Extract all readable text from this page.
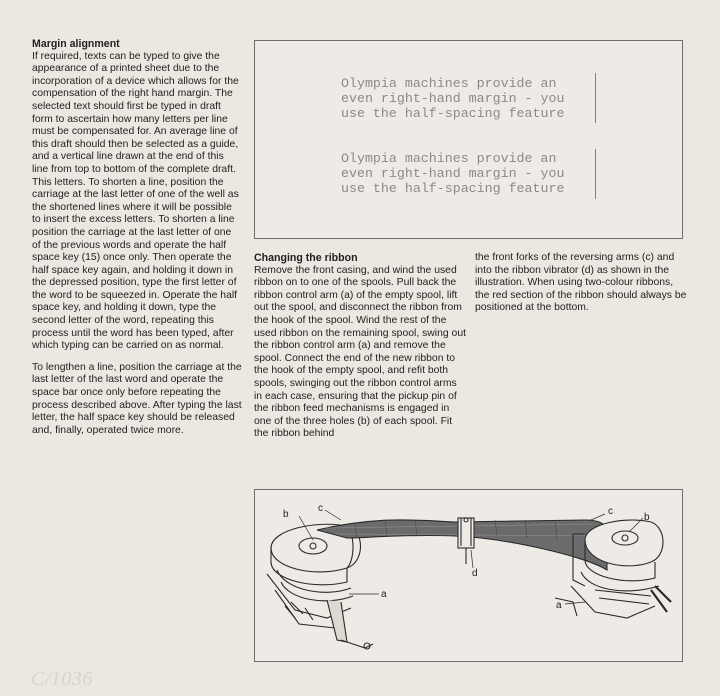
Margin alignment

If required, texts can be typed to give the appearance of a printed sheet due to the incorporation of a device which allows for the compensation of the right hand margin. The selected text should first be typed in draft form to ascertain how many letters per line must be compensated for. An average line of this draft should then be selected as a guide, and a vertical line drawn at the end of this line from top to bottom of the complete draft. This letters. To shorten a line, position the carriage at the last letter of one of the well as the shortened lines where it will be possible to insert the excess letters. To shorten a line position the carriage at the last letter of one of the previous words and operate the half space key (15) once only. Then operate the half space key again, and holding it down in the depressed position, type the first letter of the word to be squeezed in. Operate the half space key, and holding it down, type the second letter of the word, repeating this process until the word has been typed, after which typing can be carried on as normal.

To lengthen a line, position the carriage at the last letter of the last word and operate the space bar once only before repeating the process described above. After typing the last letter, the half space key should be released and, finally, operated twice more.

Olympia machines provide an
even right-hand margin - you
use the half-spacing feature
Olympia machines provide an
even right-hand margin - you
use the half-spacing feature
Changing the ribbon

Remove the front casing, and wind the used ribbon on to one of the spools. Pull back the ribbon control arm (a) of the empty spool, lift out the spool, and disconnect the ribbon from the hook of the spool. Wind the rest of the used ribbon on the remaining spool, swing out the ribbon control arm (a) and remove the spool. Connect the end of the new ribbon to the hook of the empty spool, and refit both spools, swinging out the ribbon control arms in each case, ensuring that the pickup pin of the ribbon feed mechanisms is engaged in one of the three holes (b) of each spool. Fit the ribbon behind

the front forks of the reversing arms (c) and into the ribbon vibrator (d) as shown in the illustration. When using two-colour ribbons, the red section of the ribbon should always be positioned at the bottom.

b
c
a
d
c
b
a
C/1036
